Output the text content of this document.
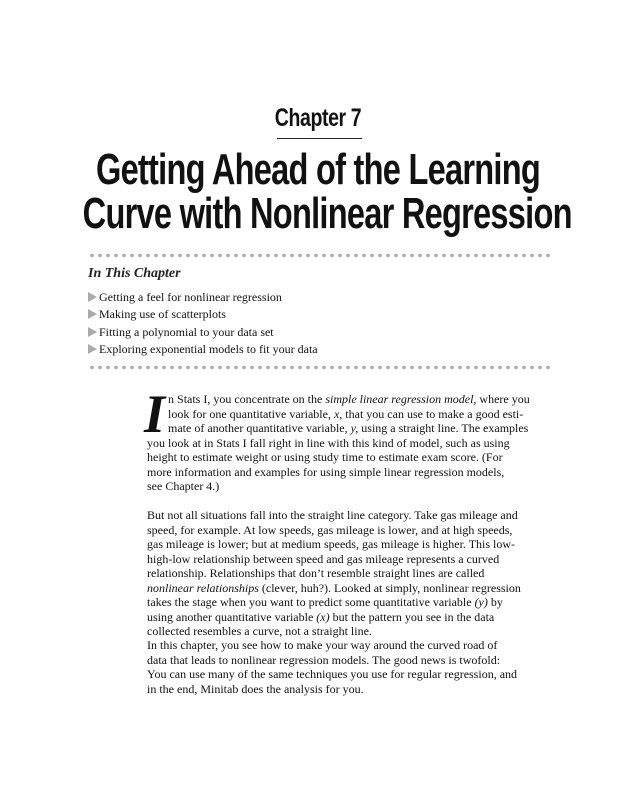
Chapter 7
Getting Ahead of the Learning
Curve with Nonlinear Regression
In This Chapter
Getting a feel for nonlinear regression
Making use of scatterplots
Fitting a polynomial to your data set
Exploring exponential models to fit your data
I n Stats I, you concentrate on the simple linear regression model, where you
look for one quantitative variable, x, that you can use to make a good esti-
mate of another quantitative variable, y, using a straight line. The examples
you look at in Stats I fall right in line with this kind of model, such as using
height to estimate weight or using study time to estimate exam score. (For
more information and examples for using simple linear regression models,
see Chapter 4.)
But not all situations fall into the straight line category. Take gas mileage and
speed, for example. At low speeds, gas mileage is lower, and at high speeds,
gas mileage is lower; but at medium speeds, gas mileage is higher. This low-
high-low relationship between speed and gas mileage represents a curved
relationship. Relationships that don’t resemble straight lines are called
nonlinear relationships (clever, huh?). Looked at simply, nonlinear regression
takes the stage when you want to predict some quantitative variable (y) by
using another quantitative variable (x) but the pattern you see in the data
collected resembles a curve, not a straight line.
In this chapter, you see how to make your way around the curved road of
data that leads to nonlinear regression models. The good news is twofold:
You can use many of the same techniques you use for regular regression, and
in the end, Minitab does the analysis for you.
